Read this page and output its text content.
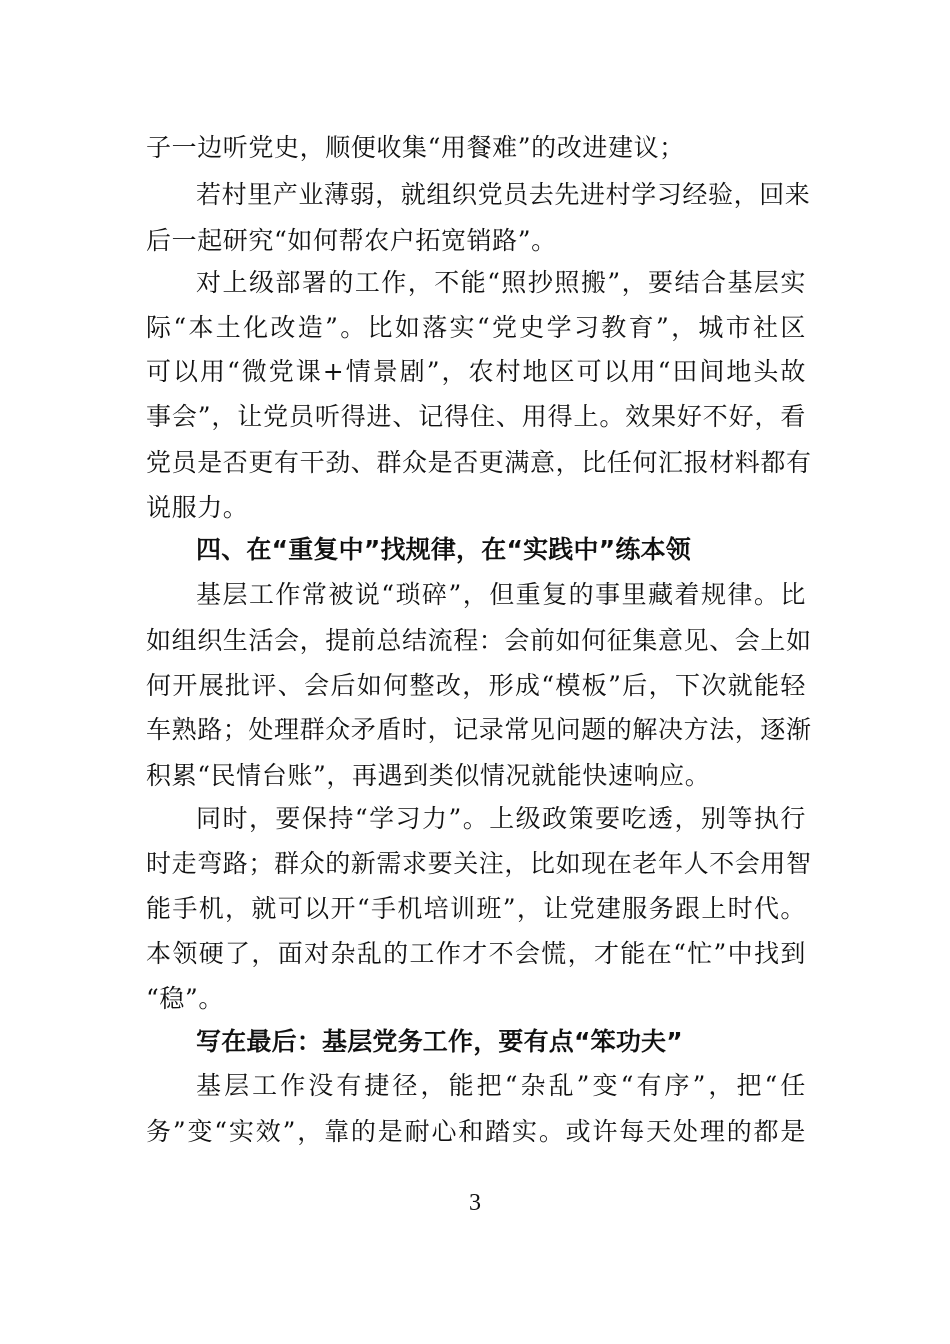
子一边听党史，顺便收集“用餐难”的改进建议；
若村里产业薄弱，就组织党员去先进村学习经验，回来
后一起研究“如何帮农户拓宽销路”。
对上级部署的工作，不能“照抄照搬”，要结合基层实
际“本土化改造”。比如落实“党史学习教育”，城市社区
可以用“微党课+情景剧”，农村地区可以用“田间地头故
事会”，让党员听得进、记得住、用得上。效果好不好，看
党员是否更有干劲、群众是否更满意，比任何汇报材料都有
说服力。
四、在“重复中”找规律，在“实践中”练本领
基层工作常被说“琐碎”，但重复的事里藏着规律。比
如组织生活会，提前总结流程：会前如何征集意见、会上如
何开展批评、会后如何整改，形成“模板”后，下次就能轻
车熟路；处理群众矛盾时，记录常见问题的解决方法，逐渐
积累“民情台账”，再遇到类似情况就能快速响应。
同时，要保持“学习力”。上级政策要吃透，别等执行
时走弯路；群众的新需求要关注，比如现在老年人不会用智
能手机，就可以开“手机培训班”，让党建服务跟上时代。
本领硬了，面对杂乱的工作才不会慌，才能在“忙”中找到
“稳”。
写在最后：基层党务工作，要有点“笨功夫”
基层工作没有捷径，能把“杂乱”变“有序”，把“任
务”变“实效”，靠的是耐心和踏实。或许每天处理的都是
3
